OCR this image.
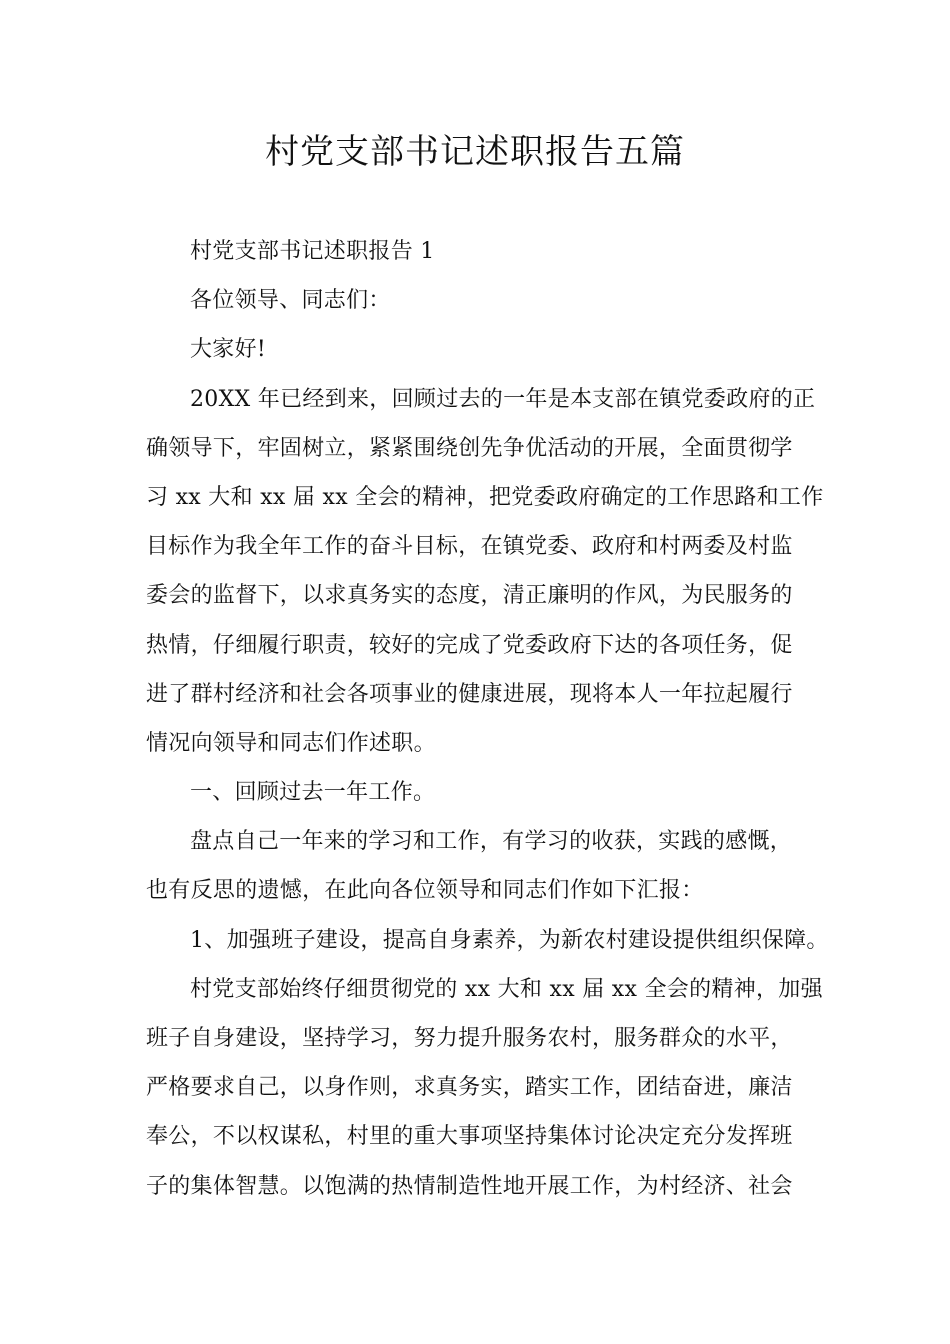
村党支部书记述职报告五篇
村党支部书记述职报告 1
各位领导、同志们：
大家好!
20XX 年已经到来，回顾过去的一年是本支部在镇党委政府的正
确领导下，牢固树立，紧紧围绕创先争优活动的开展，全面贯彻学
习 xx 大和 xx 届 xx 全会的精神，把党委政府确定的工作思路和工作
目标作为我全年工作的奋斗目标，在镇党委、政府和村两委及村监
委会的监督下，以求真务实的态度，清正廉明的作风，为民服务的
热情，仔细履行职责，较好的完成了党委政府下达的各项任务，促
进了群村经济和社会各项事业的健康进展，现将本人一年拉起履行
情况向领导和同志们作述职。
一、回顾过去一年工作。
盘点自己一年来的学习和工作，有学习的收获，实践的感慨，
也有反思的遗憾，在此向各位领导和同志们作如下汇报：
1、加强班子建设，提高自身素养，为新农村建设提供组织保障。
村党支部始终仔细贯彻党的 xx 大和 xx 届 xx 全会的精神，加强
班子自身建设，坚持学习，努力提升服务农村，服务群众的水平，
严格要求自己，以身作则，求真务实，踏实工作，团结奋进，廉洁
奉公，不以权谋私，村里的重大事项坚持集体讨论决定充分发挥班
子的集体智慧。以饱满的热情制造性地开展工作，为村经济、社会
